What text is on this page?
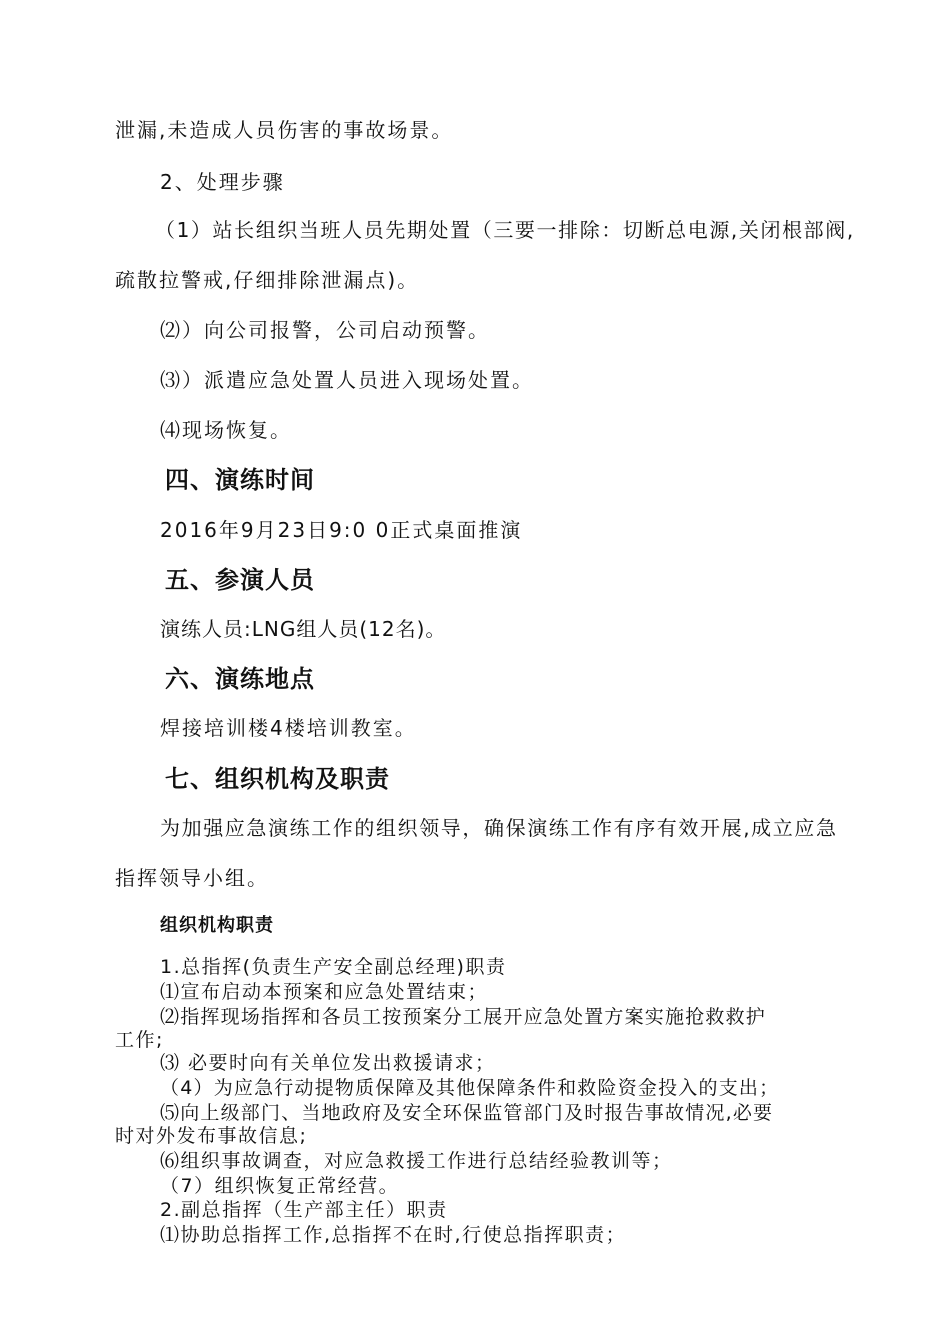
泄漏,未造成人员伤害的事故场景。
2、处理步骤
（1）站长组织当班人员先期处置（三要一排除：切断总电源,关闭根部阀,
疏散拉警戒,仔细排除泄漏点)。
⑵）向公司报警，公司启动预警。
⑶）派遣应急处置人员进入现场处置。
⑷现场恢复。
四、演练时间
2016年9月23日9:0 0正式桌面推演
五、参演人员
演练人员:LNG组人员(12名)。
六、演练地点
焊接培训楼4楼培训教室。
七、组织机构及职责
为加强应急演练工作的组织领导，确保演练工作有序有效开展,成立应急
指挥领导小组。
组织机构职责
1.总指挥(负责生产安全副总经理)职责
⑴宣布启动本预案和应急处置结束；
⑵指挥现场指挥和各员工按预案分工展开应急处置方案实施抢救救护
工作;
⑶ 必要时向有关单位发出救援请求；
（4）为应急行动提物质保障及其他保障条件和救险资金投入的支出；
⑸向上级部门、当地政府及安全环保监管部门及时报告事故情况,必要
时对外发布事故信息;
⑹组织事故调查，对应急救援工作进行总结经验教训等；
（7）组织恢复正常经营。
2.副总指挥（生产部主任）职责
⑴协助总指挥工作,总指挥不在时,行使总指挥职责；
